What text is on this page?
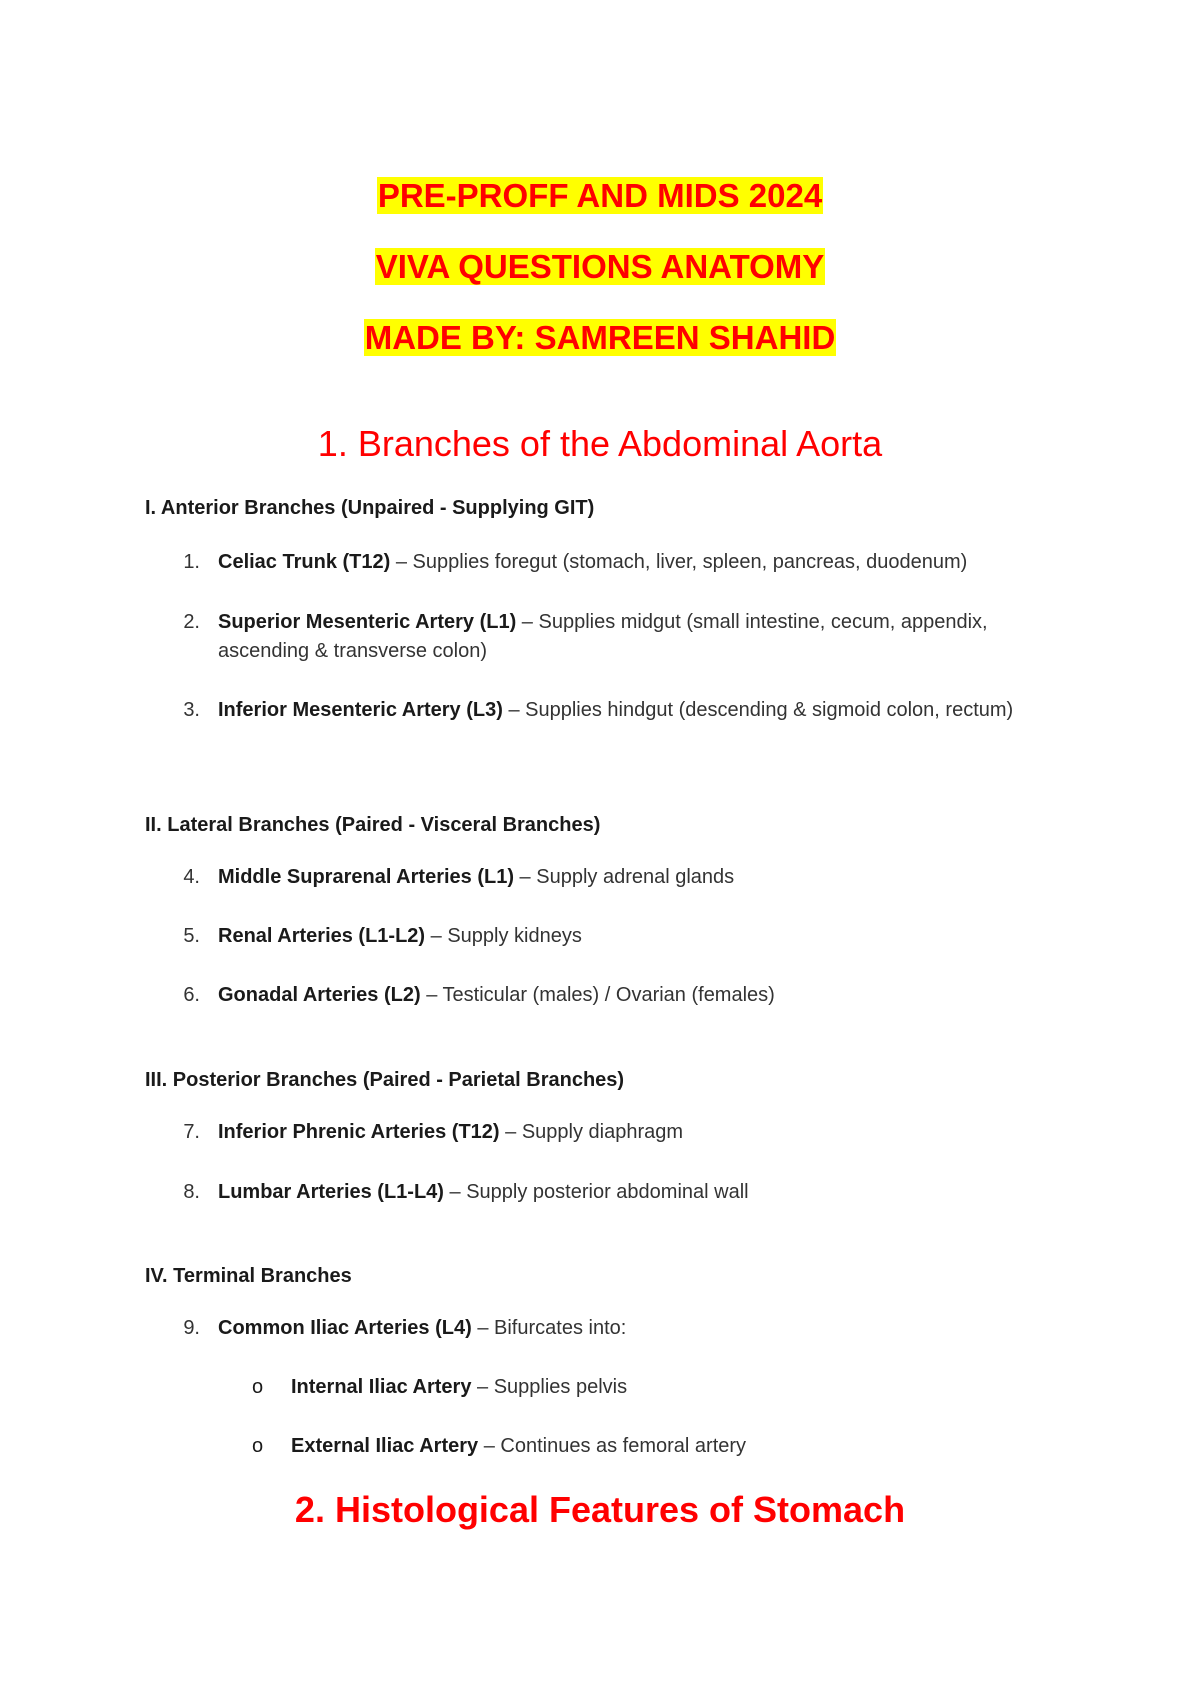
PRE-PROFF AND MIDS 2024
VIVA QUESTIONS ANATOMY
MADE BY: SAMREEN SHAHID
1. Branches of the Abdominal Aorta
I. Anterior Branches (Unpaired - Supplying GIT)
1. Celiac Trunk (T12) – Supplies foregut (stomach, liver, spleen, pancreas, duodenum)
2. Superior Mesenteric Artery (L1) – Supplies midgut (small intestine, cecum, appendix, ascending & transverse colon)
3. Inferior Mesenteric Artery (L3) – Supplies hindgut (descending & sigmoid colon, rectum)
II. Lateral Branches (Paired - Visceral Branches)
4. Middle Suprarenal Arteries (L1) – Supply adrenal glands
5. Renal Arteries (L1-L2) – Supply kidneys
6. Gonadal Arteries (L2) – Testicular (males) / Ovarian (females)
III. Posterior Branches (Paired - Parietal Branches)
7. Inferior Phrenic Arteries (T12) – Supply diaphragm
8. Lumbar Arteries (L1-L4) – Supply posterior abdominal wall
IV. Terminal Branches
9. Common Iliac Arteries (L4) – Bifurcates into:
o	Internal Iliac Artery – Supplies pelvis
o	External Iliac Artery – Continues as femoral artery
2. Histological Features of Stomach
